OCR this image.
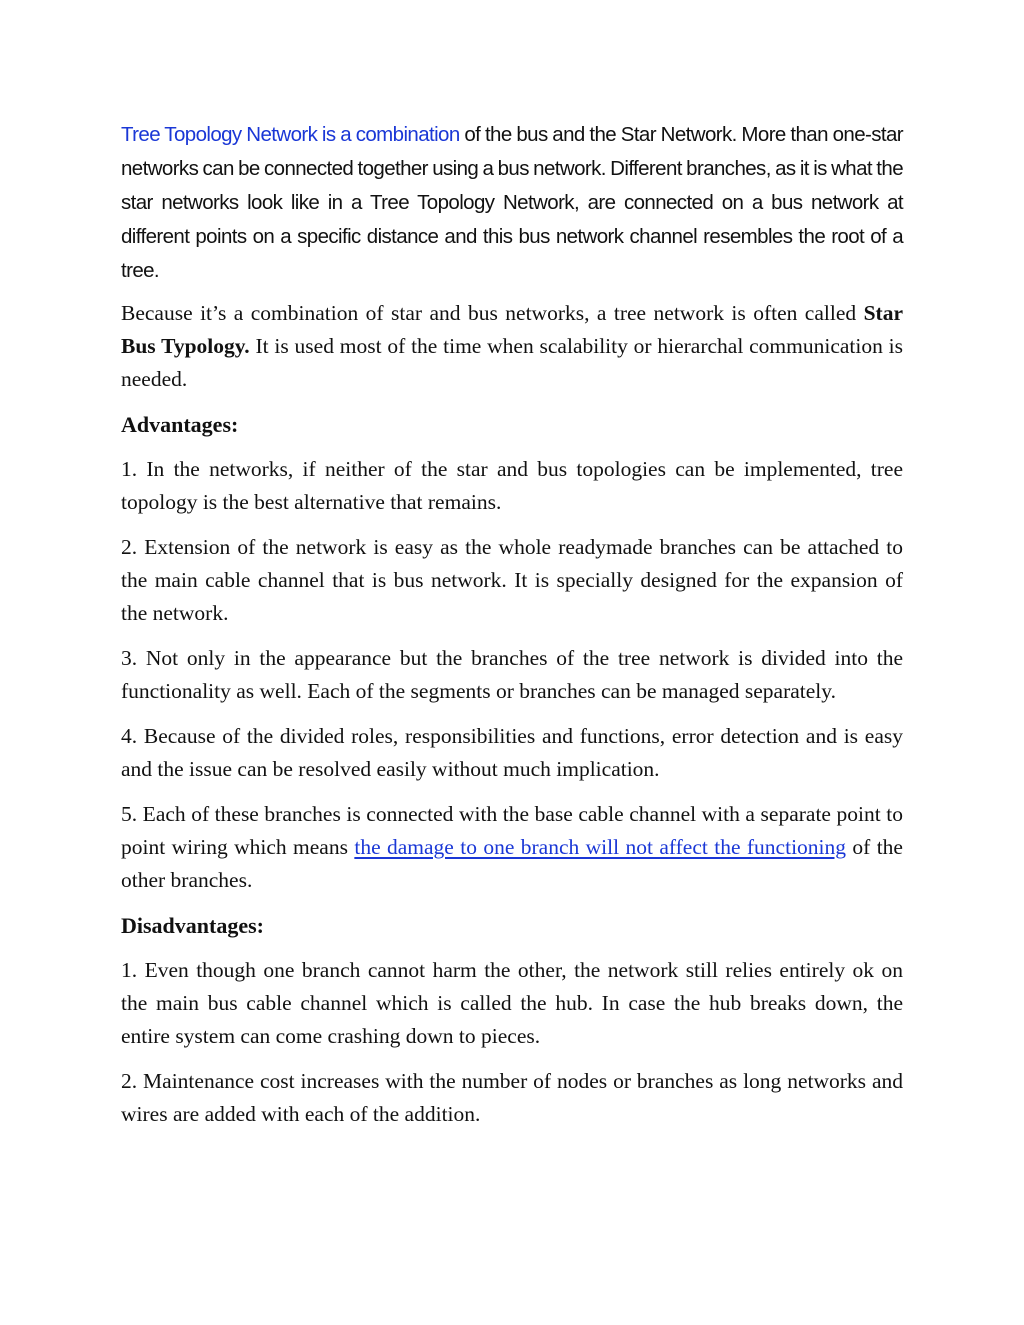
Tree Topology Network is a combination of the bus and the Star Network. More than one-star networks can be connected together using a bus network. Different branches, as it is what the star networks look like in a Tree Topology Network, are connected on a bus network at different points on a specific distance and this bus network channel resembles the root of a tree.

Because it’s a combination of star and bus networks, a tree network is often called Star Bus Typology. It is used most of the time when scalability or hierarchal communication is needed.

Advantages:

1. In the networks, if neither of the star and bus topologies can be implemented, tree topology is the best alternative that remains.

2. Extension of the network is easy as the whole readymade branches can be attached to the main cable channel that is bus network. It is specially designed for the expansion of the network.

3. Not only in the appearance but the branches of the tree network is divided into the functionality as well. Each of the segments or branches can be managed separately.

4. Because of the divided roles, responsibilities and functions, error detection and is easy and the issue can be resolved easily without much implication.

5. Each of these branches is connected with the base cable channel with a separate point to point wiring which means the damage to one branch will not affect the functioning of the other branches.

Disadvantages:

1. Even though one branch cannot harm the other, the network still relies entirely ok on the main bus cable channel which is called the hub. In case the hub breaks down, the entire system can come crashing down to pieces.

2. Maintenance cost increases with the number of nodes or branches as long networks and wires are added with each of the addition.
